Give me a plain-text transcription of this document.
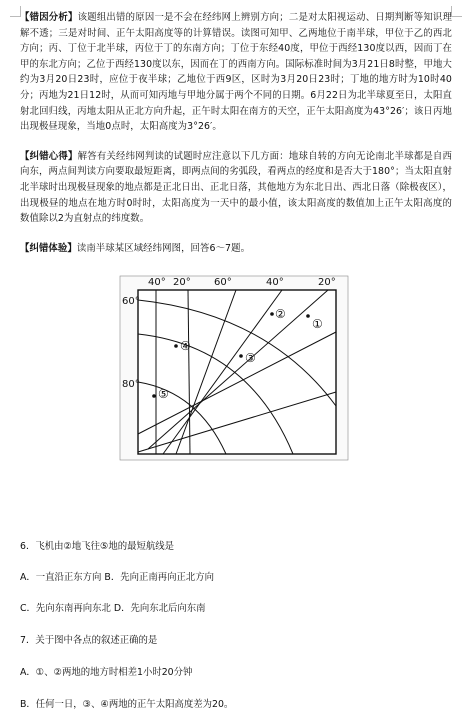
【错因分析】该题组出错的原因一是不会在经纬网上辨别方向；二是对太阳视运动、日期判断等知识理解不透；三是对时间、正午太阳高度等的计算错误。读图可知甲、乙两地位于南半球，甲位于乙的西北方向；丙、丁位于北半球，丙位于丁的东南方向；丁位于东经40度，甲位于西经130度以西，因而丁在甲的东北方向；乙位于西经130度以东，因而在丁的西南方向。国际标准时间为3月21日8时整，甲地大约为3月20日23时，应位于夜半球；乙地位于西9区，区时为3月20日23时；丁地的地方时为10时40分；丙地为21日12时，从而可知丙地与甲地分属于两个不同的日期。6月22日为北半球夏至日，太阳直射北回归线，丙地太阳从正北方向升起，正午时太阳在南方的天空，正午太阳高度为43°26′；该日丙地出现极昼现象，当地0点时，太阳高度为3°26′。

【纠错心得】解答有关经纬网判读的试题时应注意以下几方面：地球自转的方向无论南北半球都是自西向东，两点间判读方向要取最短距离，即两点间的劣弧段，看两点的经度和是否大于180°；当太阳直射北半球时出现极昼现象的地点都是正北日出、正北日落，其他地方为东北日出、西北日落（除极夜区），出现极昼的地点在地方时0时时，太阳高度为一天中的最小值，该太阳高度的数值加上正午太阳高度的数值除以2为直射点的纬度数。

【纠错体验】读南半球某区域经纬网图，回答6～7题。

40° 20° 60°	40°	20°
60°
80°
①
②
③
④
⑤

6．飞机由②地飞往⑤地的最短航线是

A．一直沿正东方向 B．先向正南再向正北方向

C．先向东南再向东北 D．先向东北后向东南

7．关于图中各点的叙述正确的是

A．①、②两地的地方时相差1小时20分钟

B．任何一日，③、④两地的正午太阳高度差为20。
